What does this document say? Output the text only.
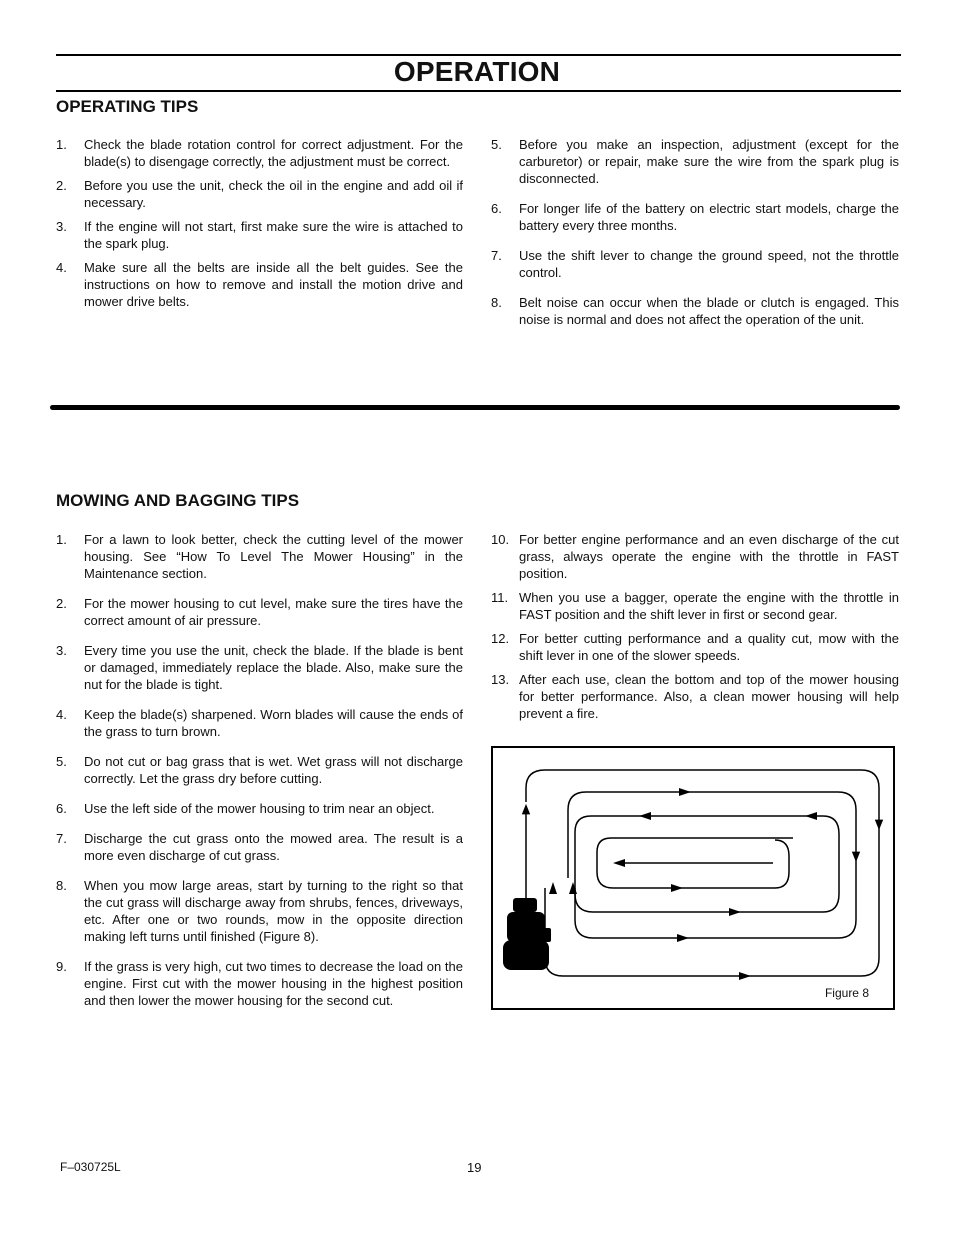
OPERATION
OPERATING TIPS
1. Check the blade rotation control for correct adjustment. For the blade(s) to disengage correctly, the adjustment must be correct.
2. Before you use the unit, check the oil in the engine and add oil if necessary.
3. If the engine will not start, first make sure the wire is attached to the spark plug.
4. Make sure all the belts are inside all the belt guides. See the instructions on how to remove and install the motion drive and mower drive belts.
5. Before you make an inspection, adjustment (except for the carburetor) or repair, make sure the wire from the spark plug is disconnected.
6. For longer life of the battery on electric start models, charge the battery every three months.
7. Use the shift lever to change the ground speed, not the throttle control.
8. Belt noise can occur when the blade or clutch is engaged. This noise is normal and does not affect the operation of the unit.
MOWING AND BAGGING TIPS
1. For a lawn to look better, check the cutting level of the mower housing. See “How To Level The Mower Housing” in the Maintenance section.
2. For the mower housing to cut level, make sure the tires have the correct amount of air pressure.
3. Every time you use the unit, check the blade. If the blade is bent or damaged, immediately replace the blade. Also, make sure the nut for the blade is tight.
4. Keep the blade(s) sharpened. Worn blades will cause the ends of the grass to turn brown.
5. Do not cut or bag grass that is wet. Wet grass will not discharge correctly. Let the grass dry before cutting.
6. Use the left side of the mower housing to trim near an object.
7. Discharge the cut grass onto the mowed area. The result is a more even discharge of cut grass.
8. When you mow large areas, start by turning to the right so that the cut grass will discharge away from shrubs, fences, driveways, etc. After one or two rounds, mow in the opposite direction making left turns until finished (Figure 8).
9. If the grass is very high, cut two times to decrease the load on the engine. First cut with the mower housing in the highest position and then lower the mower housing for the second cut.
10. For better engine performance and an even discharge of the cut grass, always operate the engine with the throttle in FAST position.
11. When you use a bagger, operate the engine with the throttle in FAST position and the shift lever in first or second gear.
12. For better cutting performance and a quality cut, mow with the shift lever in one of the slower speeds.
13. After each use, clean the bottom and top of the mower housing for better performance. Also, a clean mower housing will help prevent a fire.
Figure 8
F–030725L	19
